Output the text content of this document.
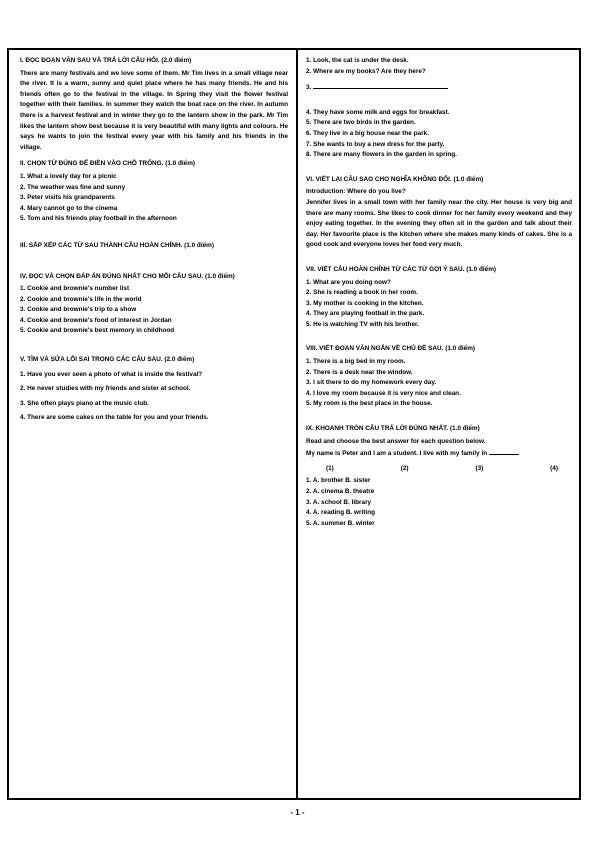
I. ĐỌC ĐOẠN VĂN SAU VÀ TRẢ LỜI CÂU HỎI. (2.0 điểm)
There are many festivals and we love some of them. Mr Tim lives in a small village near the river. It is a warm, sunny and quiet place where he has many friends. He and his friends often go to the festival in the village. In Spring they visit the flower festival together with their families. In summer they watch the boat race on the river. In autumn there is a harvest festival and in winter they go to the lantern show in the park. Mr Tim likes the lantern show best because it is very beautiful with many lights and colours. He says he wants to join the festival every year with his family and his friends in the village.
II. CHỌN TỪ ĐÚNG ĐỂ ĐIỀN VÀO CHỖ TRỐNG. (1.0 điểm)
1. What a lovely day for a picnic
2. The weather was fine and sunny
3. Peter visits his grandparents
4. Mary cannot go to the cinema
5. Tom and his friends play football in the afternoon
III. SẮP XẾP CÁC TỪ SAU THÀNH CÂU HOÀN CHỈNH. (1.0 điểm)
IV. ĐỌC VÀ CHỌN ĐÁP ÁN ĐÚNG NHẤT CHO MỖI CÂU SAU. (1.0 điểm)
1. Cookie and brownie's number list
2. Cookie and brownie's life in the world
3. Cookie and brownie's trip to a show
4. Cookie and brownie's food of interest in Jordan
5. Cookie and brownie's best memory in childhood
V. TÌM VÀ SỬA LỖI SAI TRONG CÁC CÂU SAU. (2.0 điểm)
1. Have you ever seen a photo of what is inside the festival?
2. He never studies with my friends and sister at school.
3. She often plays piano at the music club.
4. There are some cakes on the table for you and your friends.
1. Look, the cat is under the desk.
2. Where are my books? Are they here?
3.
4. They have some milk and eggs for breakfast.
5. There are two birds in the garden.
6. They live in a big house near the park.
7. She wants to buy a new dress for the party.
8. There are many flowers in the garden in spring.
VI. VIẾT LẠI CÂU SAO CHO NGHĨA KHÔNG ĐỔI. (1.0 điểm)
Introduction: Where do you live?
Jennifer lives in a small town with her family near the city. Her house is very big and there are many rooms. She likes to cook dinner for her family every weekend and they enjoy eating together. In the evening they often sit in the garden and talk about their day. Her favourite place is the kitchen where she makes many kinds of cakes. She is a good cook and everyone loves her food very much.
VII. VIẾT CÂU HOÀN CHỈNH TỪ CÁC TỪ GỢI Ý SAU. (1.0 điểm)
1. What are you doing now?
2. She is reading a book in her room.
3. My mother is cooking in the kitchen.
4. They are playing football in the park.
5. He is watching TV with his brother.
VIII. VIẾT ĐOẠN VĂN NGẮN VỀ CHỦ ĐỀ SAU. (1.0 điểm)
1. There is a big bed in my room.
2. There is a desk near the window.
3. I sit there to do my homework every day.
4. I love my room because it is very nice and clean.
5. My room is the best place in the house.
IX. KHOANH TRÒN CÂU TRẢ LỜI ĐÚNG NHẤT. (1.0 điểm)
Read and choose the best answer for each question below.
My name is Peter and I am a student. I live with my family in
(1)	(2)	(3)	(4)
1. A. brother B. sister
2. A. cinema B. theatre
3. A. school B. library
4. A. reading B. writing
5. A. summer B. winter
- 1 -
